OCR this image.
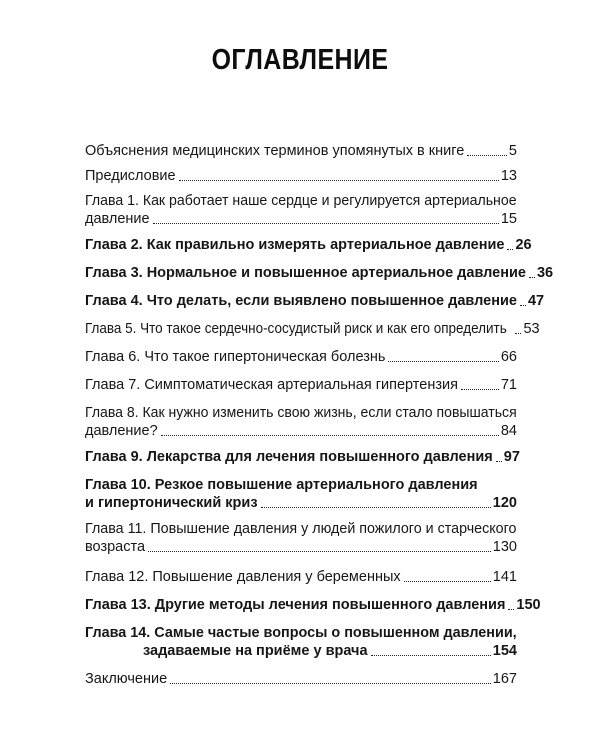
ОГЛАВЛЕНИЕ
Объяснения медицинских терминов упомянутых в книге	5
Предисловие	13
Глава 1. Как работает наше сердце и регулируется артериальное
давление	15
Глава 2. Как правильно измерять артериальное давление 26
Глава 3. Нормальное и повышенное артериальное давление 36
Глава 4. Что делать, если выявлено повышенное давление 47
Глава 5. Что такое сердечно-сосудистый риск и как его определить 53
Глава 6. Что такое гипертоническая болезнь	66
Глава 7. Симптоматическая артериальная гипертензия	71
Глава 8. Как нужно изменить свою жизнь, если стало повышаться
давление?	84
Глава 9. Лекарства для лечения повышенного давления 97
Глава 10. Резкое повышение артериального давления
и гипертонический криз	120
Глава 11. Повышение давления у людей пожилого и старческого
возраста	130
Глава 12. Повышение давления у беременных	141
Глава 13. Другие методы лечения повышенного давления 150
Глава 14. Самые частые вопросы о повышенном давлении,
задаваемые на приёме у врача	154
Заключение	167
